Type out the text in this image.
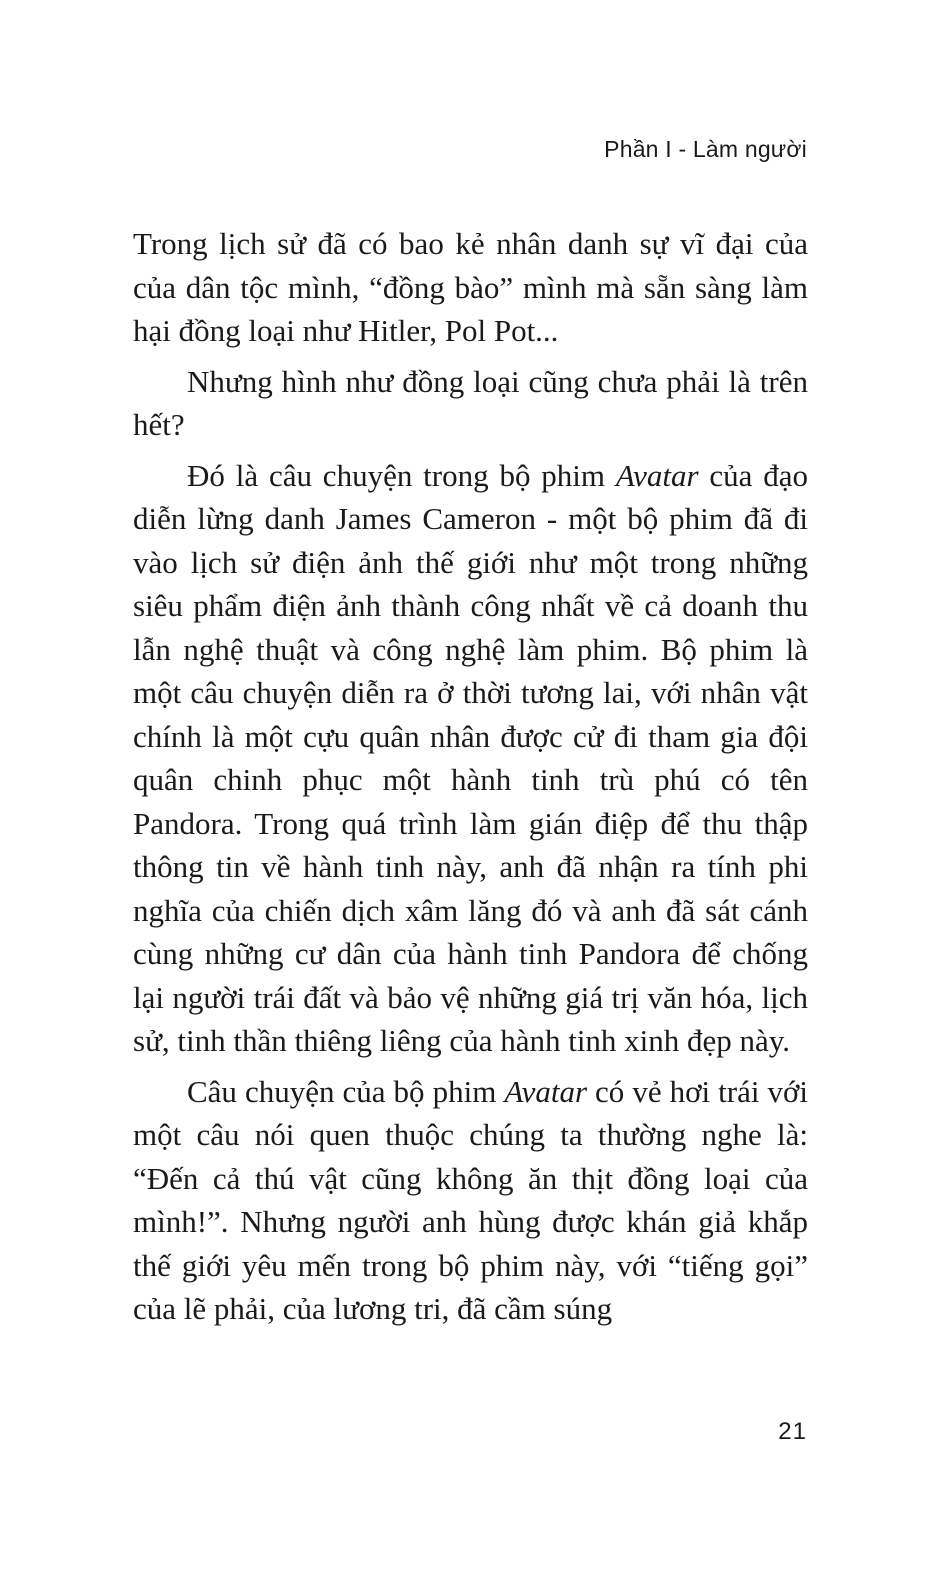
Phần I - Làm người

Trong lịch sử đã có bao kẻ nhân danh sự vĩ đại của của dân tộc mình, “đồng bào” mình mà sẵn sàng làm hại đồng loại như Hitler, Pol Pot...

Nhưng hình như đồng loại cũng chưa phải là trên hết?

Đó là câu chuyện trong bộ phim Avatar của đạo diễn lừng danh James Cameron - một bộ phim đã đi vào lịch sử điện ảnh thế giới như một trong những siêu phẩm điện ảnh thành công nhất về cả doanh thu lẫn nghệ thuật và công nghệ làm phim. Bộ phim là một câu chuyện diễn ra ở thời tương lai, với nhân vật chính là một cựu quân nhân được cử đi tham gia đội quân chinh phục một hành tinh trù phú có tên Pandora. Trong quá trình làm gián điệp để thu thập thông tin về hành tinh này, anh đã nhận ra tính phi nghĩa của chiến dịch xâm lăng đó và anh đã sát cánh cùng những cư dân của hành tinh Pandora để chống lại người trái đất và bảo vệ những giá trị văn hóa, lịch sử, tinh thần thiêng liêng của hành tinh xinh đẹp này.

Câu chuyện của bộ phim Avatar có vẻ hơi trái với một câu nói quen thuộc chúng ta thường nghe là: “Đến cả thú vật cũng không ăn thịt đồng loại của mình!”. Nhưng người anh hùng được khán giả khắp thế giới yêu mến trong bộ phim này, với “tiếng gọi” của lẽ phải, của lương tri, đã cầm súng

21
